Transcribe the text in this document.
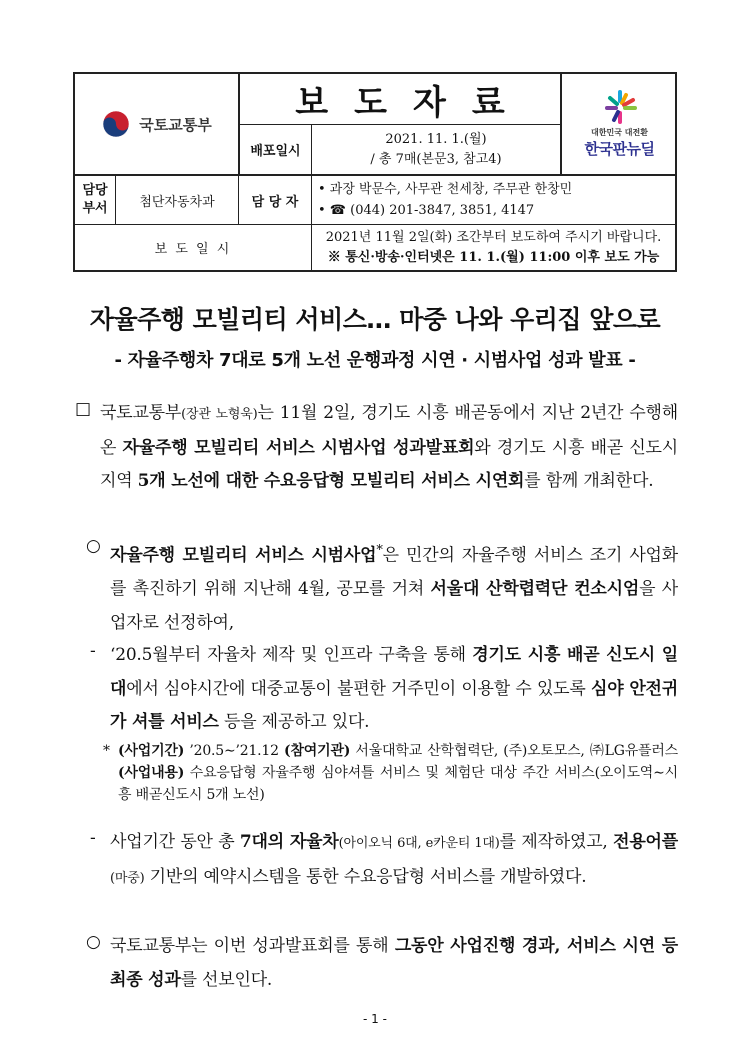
국토교통부
보도자료
배포일시
2021. 11. 1.(월)
/ 총 7매(본문3, 참고4)
대한민국 대전환
한국판뉴딜
담당부서	첨단자동차과	담 당 자
• 과장 박문수, 사무관 천세창, 주무관 한창민
• ☎ (044) 201-3847, 3851, 4147
보 도 일 시
2021년 11월 2일(화) 조간부터 보도하여 주시기 바랍니다.
※ 통신·방송·인터넷은 11. 1.(월) 11:00 이후 보도 가능
자율주행 모빌리티 서비스… 마중 나와 우리집 앞으로
- 자율주행차 7대로 5개 노선 운행과정 시연 · 시범사업 성과 발표 -
□ 국토교통부(장관 노형욱)는 11월 2일, 경기도 시흥 배곧동에서 지난 2년간 수행해 온 자율주행 모빌리티 서비스 시범사업 성과발표회와 경기도 시흥 배곧 신도시 지역 5개 노선에 대한 수요응답형 모빌리티 서비스 시연회를 함께 개최한다.
○ 자율주행 모빌리티 서비스 시범사업*은 민간의 자율주행 서비스 조기 사업화를 촉진하기 위해 지난해 4월, 공모를 거쳐 서울대 산학렵력단 컨소시엄을 사업자로 선정하여,
- ‘20.5월부터 자율차 제작 및 인프라 구축을 통해 경기도 시흥 배곧 신도시 일대에서 심야시간에 대중교통이 불편한 거주민이 이용할 수 있도록 심야 안전귀가 셔틀 서비스 등을 제공하고 있다.
* (사업기간) ’20.5∼’21.12 (참여기관) 서울대학교 산학협력단, (주)오토모스, ㈜LG유플러스 (사업내용) 수요응답형 자율주행 심야셔틀 서비스 및 체험단 대상 주간 서비스(오이도역∼시흥 배곧신도시 5개 노선)
- 사업기간 동안 총 7대의 자율차(아이오닉 6대, e카운티 1대)를 제작하였고, 전용어플(마중) 기반의 예약시스템을 통한 수요응답형 서비스를 개발하였다.
○ 국토교통부는 이번 성과발표회를 통해 그동안 사업진행 경과, 서비스 시연 등 최종 성과를 선보인다.
- 1 -
